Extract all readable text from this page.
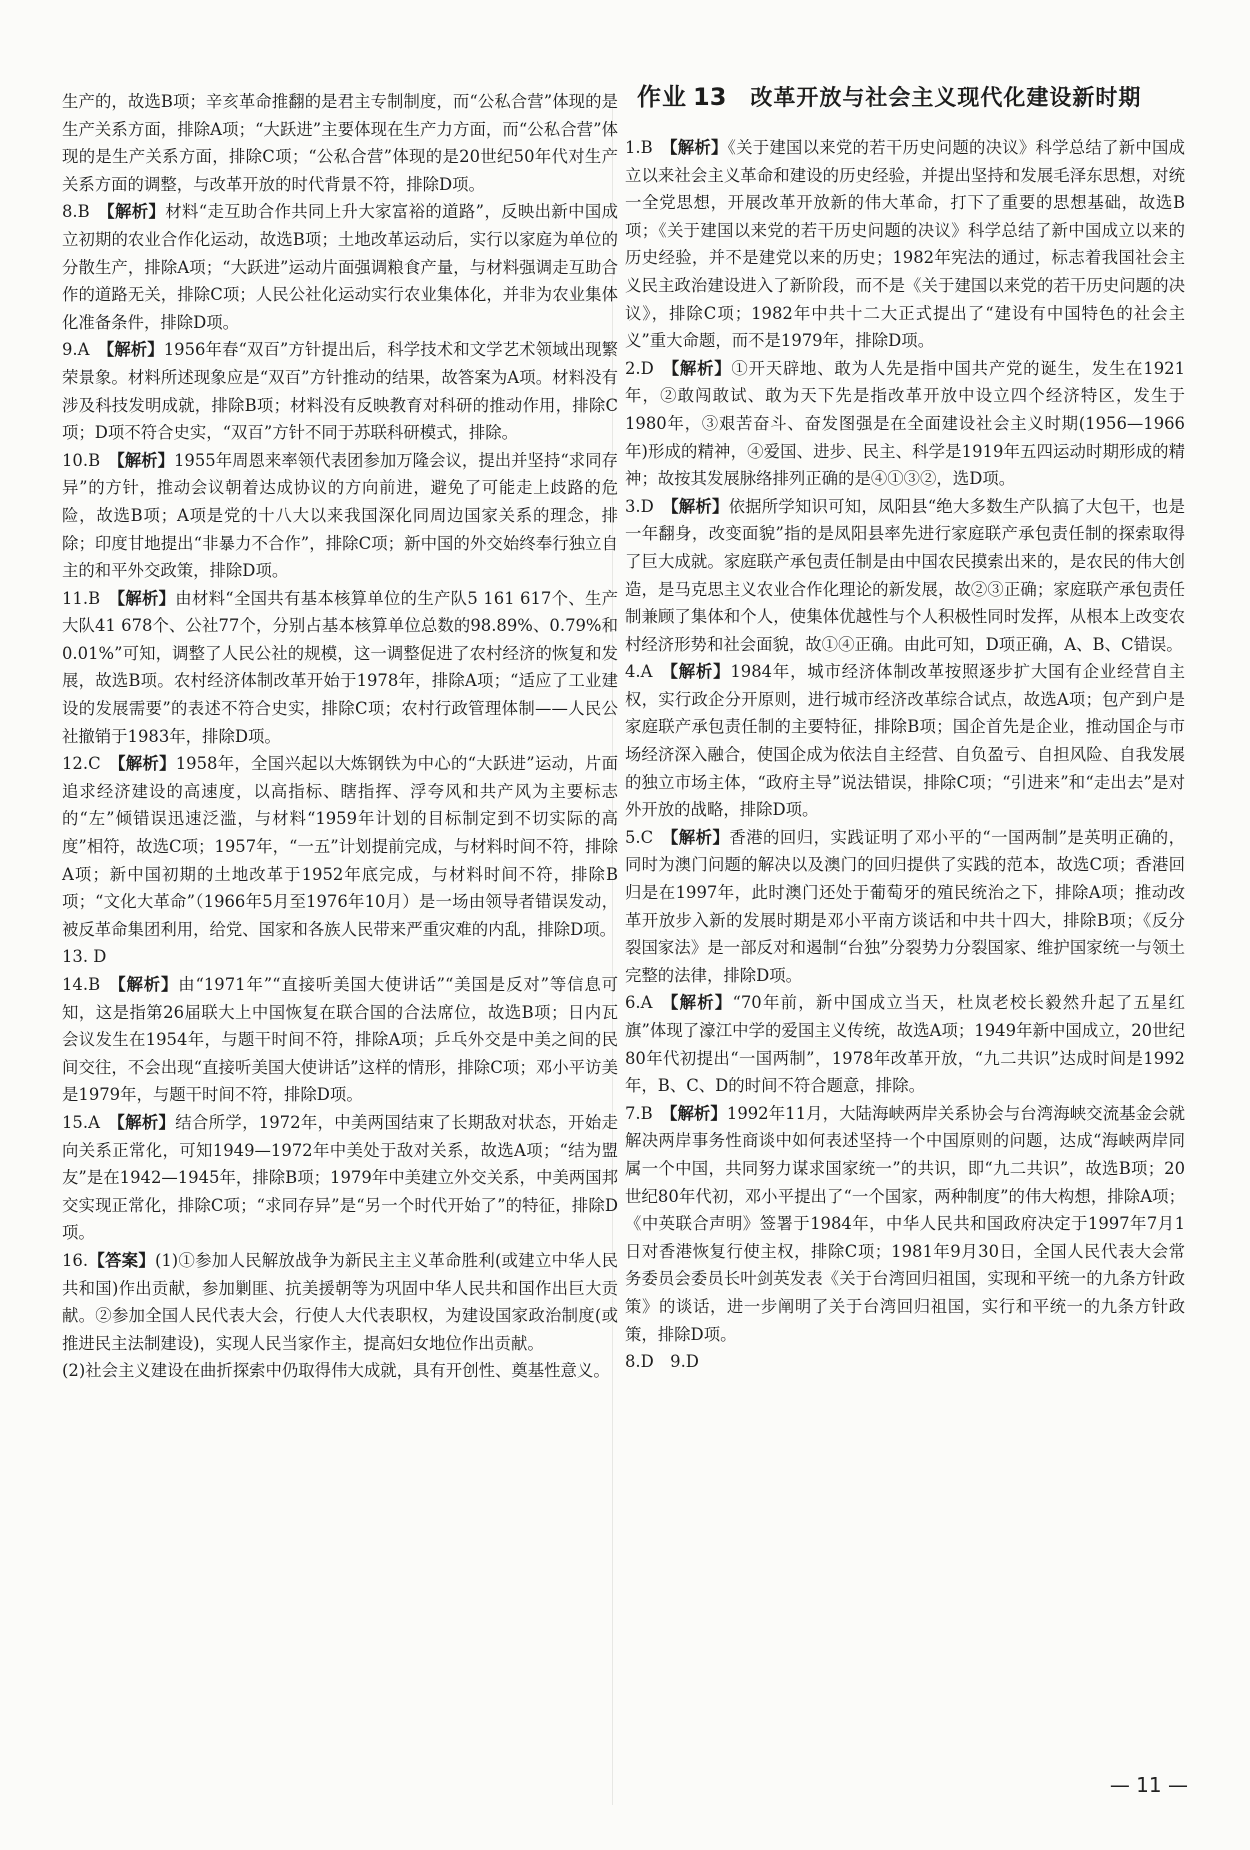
生产的，故选B项；辛亥革命推翻的是君主专制制度，而“公私合营”体现的是生产关系方面，排除A项；“大跃进”主要体现在生产力方面，而“公私合营”体现的是生产关系方面，排除C项；“公私合营”体现的是20世纪50年代对生产关系方面的调整，与改革开放的时代背景不符，排除D项。

8.B  【解析】材料“走互助合作共同上升大家富裕的道路”，反映出新中国成立初期的农业合作化运动，故选B项；土地改革运动后，实行以家庭为单位的分散生产，排除A项；“大跃进”运动片面强调粮食产量，与材料强调走互助合作的道路无关，排除C项；人民公社化运动实行农业集体化，并非为农业集体化准备条件，排除D项。

9.A  【解析】1956年春“双百”方针提出后，科学技术和文学艺术领域出现繁荣景象。材料所述现象应是“双百”方针推动的结果，故答案为A项。材料没有涉及科技发明成就，排除B项；材料没有反映教育对科研的推动作用，排除C项；D项不符合史实，“双百”方针不同于苏联科研模式，排除。

10.B  【解析】1955年周恩来率领代表团参加万隆会议，提出并坚持“求同存异”的方针，推动会议朝着达成协议的方向前进，避免了可能走上歧路的危险，故选B项；A项是党的十八大以来我国深化同周边国家关系的理念，排除；印度甘地提出“非暴力不合作”，排除C项；新中国的外交始终奉行独立自主的和平外交政策，排除D项。

11.B  【解析】由材料“全国共有基本核算单位的生产队5 161 617个、生产大队41 678个、公社77个，分别占基本核算单位总数的98.89%、0.79%和0.01%”可知，调整了人民公社的规模，这一调整促进了农村经济的恢复和发展，故选B项。农村经济体制改革开始于1978年，排除A项；“适应了工业建设的发展需要”的表述不符合史实，排除C项；农村行政管理体制——人民公社撤销于1983年，排除D项。

12.C  【解析】1958年，全国兴起以大炼钢铁为中心的“大跃进”运动，片面追求经济建设的高速度，以高指标、瞎指挥、浮夸风和共产风为主要标志的“左”倾错误迅速泛滥，与材料“1959年计划的目标制定到不切实际的高度”相符，故选C项；1957年，“一五”计划提前完成，与材料时间不符，排除A项；新中国初期的土地改革于1952年底完成，与材料时间不符，排除B项；“文化大革命”（1966年5月至1976年10月）是一场由领导者错误发动，被反革命集团利用，给党、国家和各族人民带来严重灾难的内乱，排除D项。

13. D

14.B  【解析】由“1971年”“直接听美国大使讲话”“美国是反对”等信息可知，这是指第26届联大上中国恢复在联合国的合法席位，故选B项；日内瓦会议发生在1954年，与题干时间不符，排除A项；乒乓外交是中美之间的民间交往，不会出现“直接听美国大使讲话”这样的情形，排除C项；邓小平访美是1979年，与题干时间不符，排除D项。

15.A  【解析】结合所学，1972年，中美两国结束了长期敌对状态，开始走向关系正常化，可知1949—1972年中美处于敌对关系，故选A项；“结为盟友”是在1942—1945年，排除B项；1979年中美建立外交关系，中美两国邦交实现正常化，排除C项；“求同存异”是“另一个时代开始了”的特征，排除D项。

16.【答案】(1)①参加人民解放战争为新民主主义革命胜利(或建立中华人民共和国)作出贡献，参加剿匪、抗美援朝等为巩固中华人民共和国作出巨大贡献。②参加全国人民代表大会，行使人大代表职权，为建设国家政治制度(或推进民主法制建设)，实现人民当家作主，提高妇女地位作出贡献。

(2)社会主义建设在曲折探索中仍取得伟大成就，具有开创性、奠基性意义。

作业 13 改革开放与社会主义现代化建设新时期

1.B  【解析】《关于建国以来党的若干历史问题的决议》科学总结了新中国成立以来社会主义革命和建设的历史经验，并提出坚持和发展毛泽东思想，对统一全党思想，开展改革开放新的伟大革命，打下了重要的思想基础，故选B项；《关于建国以来党的若干历史问题的决议》科学总结了新中国成立以来的历史经验，并不是建党以来的历史；1982年宪法的通过，标志着我国社会主义民主政治建设进入了新阶段，而不是《关于建国以来党的若干历史问题的决议》，排除C项；1982年中共十二大正式提出了“建设有中国特色的社会主义”重大命题，而不是1979年，排除D项。

2.D  【解析】①开天辟地、敢为人先是指中国共产党的诞生，发生在1921年，②敢闯敢试、敢为天下先是指改革开放中设立四个经济特区，发生于1980年，③艰苦奋斗、奋发图强是在全面建设社会主义时期(1956—1966年)形成的精神，④爱国、进步、民主、科学是1919年五四运动时期形成的精神；故按其发展脉络排列正确的是④①③②，选D项。

3.D  【解析】依据所学知识可知，凤阳县“绝大多数生产队搞了大包干，也是一年翻身，改变面貌”指的是凤阳县率先进行家庭联产承包责任制的探索取得了巨大成就。家庭联产承包责任制是由中国农民摸索出来的，是农民的伟大创造，是马克思主义农业合作化理论的新发展，故②③正确；家庭联产承包责任制兼顾了集体和个人，使集体优越性与个人积极性同时发挥，从根本上改变农村经济形势和社会面貌，故①④正确。由此可知，D项正确，A、B、C错误。

4.A  【解析】1984年，城市经济体制改革按照逐步扩大国有企业经营自主权，实行政企分开原则，进行城市经济改革综合试点，故选A项；包产到户是家庭联产承包责任制的主要特征，排除B项；国企首先是企业，推动国企与市场经济深入融合，使国企成为依法自主经营、自负盈亏、自担风险、自我发展的独立市场主体，“政府主导”说法错误，排除C项；“引进来”和“走出去”是对外开放的战略，排除D项。

5.C  【解析】香港的回归，实践证明了邓小平的“一国两制”是英明正确的，同时为澳门问题的解决以及澳门的回归提供了实践的范本，故选C项；香港回归是在1997年，此时澳门还处于葡萄牙的殖民统治之下，排除A项；推动改革开放步入新的发展时期是邓小平南方谈话和中共十四大，排除B项；《反分裂国家法》是一部反对和遏制“台独”分裂势力分裂国家、维护国家统一与领土完整的法律，排除D项。

6.A  【解析】“70年前，新中国成立当天，杜岚老校长毅然升起了五星红旗”体现了濠江中学的爱国主义传统，故选A项；1949年新中国成立，20世纪80年代初提出“一国两制”，1978年改革开放，“九二共识”达成时间是1992年，B、C、D的时间不符合题意，排除。

7.B  【解析】1992年11月，大陆海峡两岸关系协会与台湾海峡交流基金会就解决两岸事务性商谈中如何表述坚持一个中国原则的问题，达成“海峡两岸同属一个中国，共同努力谋求国家统一”的共识，即“九二共识”，故选B项；20世纪80年代初，邓小平提出了“一个国家，两种制度”的伟大构想，排除A项；《中英联合声明》签署于1984年，中华人民共和国政府决定于1997年7月1日对香港恢复行使主权，排除C项；1981年9月30日，全国人民代表大会常务委员会委员长叶剑英发表《关于台湾回归祖国，实现和平统一的九条方针政策》的谈话，进一步阐明了关于台湾回归祖国，实行和平统一的九条方针政策，排除D项。

8.D　9.D

— 11 —
